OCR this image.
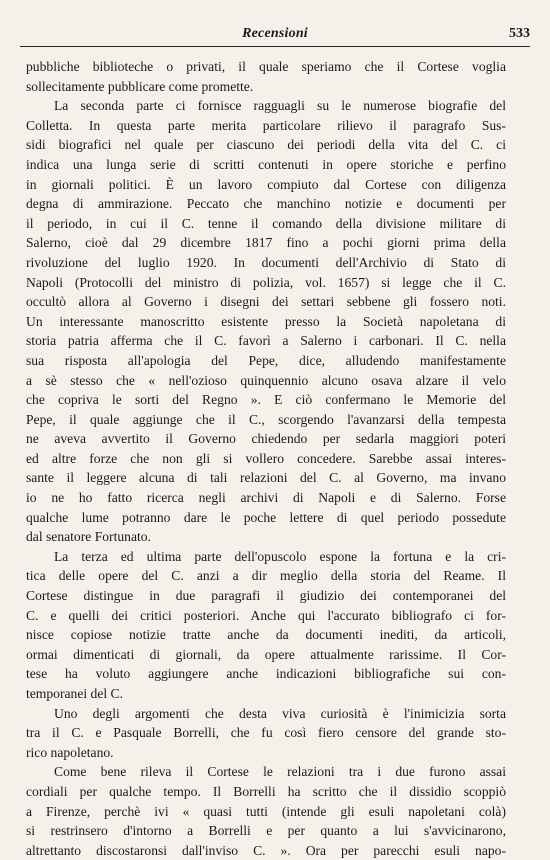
Recensioni	533
pubbliche biblioteche o privati, il quale speriamo che il Cortese voglia
sollecitamente pubblicare come promette.
La seconda parte ci fornisce ragguagli su le numerose biografie del
Colletta. In questa parte merita particolare rilievo il paragrafo Sus-
sidi biografici nel quale per ciascuno dei periodi della vita del C. ci
indica una lunga serie di scritti contenuti in opere storiche e perfino
in giornali politici. È un lavoro compiuto dal Cortese con diligenza
degna di ammirazione. Peccato che manchino notizie e documenti per
il periodo, in cui il C. tenne il comando della divisione militare di
Salerno, cioè dal 29 dicembre 1817 fino a pochi giorni prima della
rivoluzione del luglio 1920. In documenti dell'Archivio di Stato di
Napoli (Protocolli del ministro di polizia, vol. 1657) si legge che il C.
occultò allora al Governo i disegni dei settari sebbene gli fossero noti.
Un interessante manoscritto esistente presso la Società napoletana di
storia patria afferma che il C. favorì a Salerno i carbonari. Il C. nella
sua risposta all'apologia del Pepe, dice, alludendo manifestamente
a sè stesso che « nell'ozioso quinquennio alcuno osava alzare il velo
che copriva le sorti del Regno ». E ciò confermano le Memorie del
Pepe, il quale aggiunge che il C., scorgendo l'avanzarsi della tempesta
ne aveva avvertito il Governo chiedendo per sedarla maggiori poteri
ed altre forze che non gli si vollero concedere. Sarebbe assai interes-
sante il leggere alcuna di tali relazioni del C. al Governo, ma invano
io ne ho fatto ricerca negli archivi di Napoli e di Salerno. Forse
qualche lume potranno dare le poche lettere di quel periodo possedute
dal senatore Fortunato.
La terza ed ultima parte dell'opuscolo espone la fortuna e la cri-
tica delle opere del C. anzi a dir meglio della storia del Reame. Il
Cortese distingue in due paragrafi il giudizio dei contemporanei del
C. e quelli dei critici posteriori. Anche qui l'accurato bibliografo ci for-
nisce copiose notizie tratte anche da documenti inediti, da articoli,
ormai dimenticati di giornali, da opere attualmente rarissime. Il Cor-
tese ha voluto aggiungere anche indicazioni bibliografiche sui con-
temporanei del C.
Uno degli argomenti che desta viva curiosità è l'inimicizia sorta
tra il C. e Pasquale Borrelli, che fu così fiero censore del grande sto-
rico napoletano.
Come bene rileva il Cortese le relazioni tra i due furono assai
cordiali per qualche tempo. Il Borrelli ha scritto che il dissidio scoppiò
a Firenze, perchè ivi « quasi tutti (intende gli esuli napoletani colà)
si restrinsero d'intorno a Borrelli e per quanto a lui s'avvicinarono,
altrettanto discostaronsi dall'inviso C. ». Ora per parecchi esuli napo-
